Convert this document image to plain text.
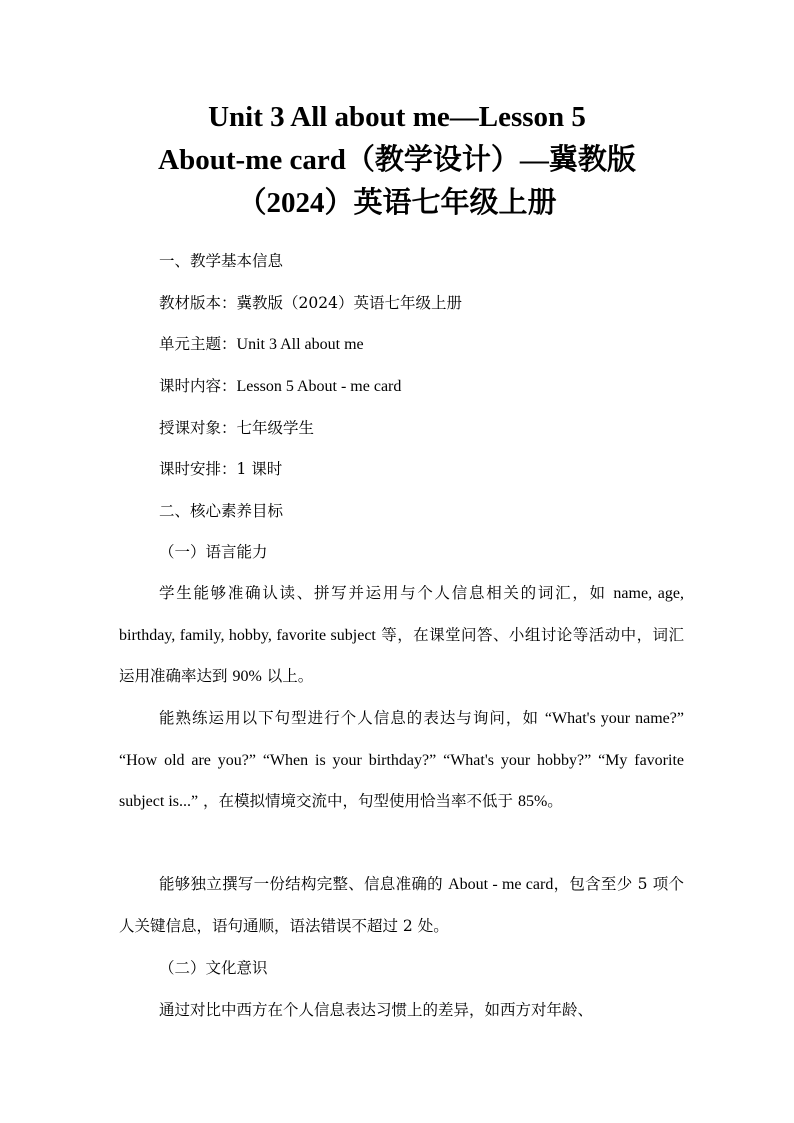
Unit 3 All about me—Lesson 5
About-me card（教学设计）—冀教版
（2024）英语七年级上册
一、教学基本信息
教材版本：冀教版（2024）英语七年级上册
单元主题：Unit 3 All about me
课时内容：Lesson 5 About - me card
授课对象：七年级学生
课时安排：1 课时
二、核心素养目标
（一）语言能力

学生能够准确认读、拼写并运用与个人信息相关的词汇，如 name, age, birthday, family, hobby, favorite subject 等，在课堂问答、小组讨论等活动中，词汇运用准确率达到 90% 以上。

能熟练运用以下句型进行个人信息的表达与询问，如 “What's your name?” “How old are you?” “When is your birthday?” “What's your hobby?” “My favorite subject is...” ，在模拟情境交流中，句型使用恰当率不低于 85%。

能够独立撰写一份结构完整、信息准确的 About - me card，包含至少 5 项个人关键信息，语句通顺，语法错误不超过 2 处。

（二）文化意识

通过对比中西方在个人信息表达习惯上的差异，如西方对年龄、
